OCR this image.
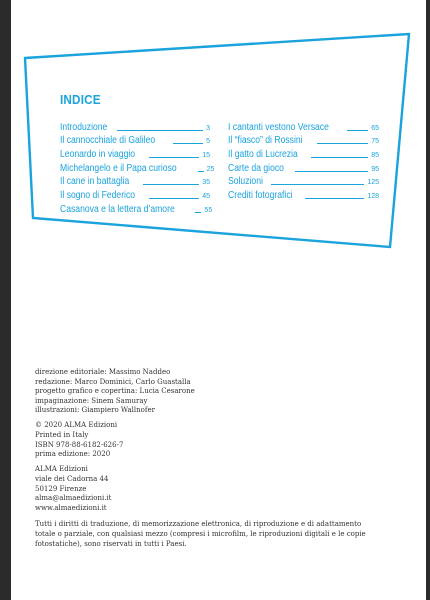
INDICE
Introduzione	3
Il cannocchiale di Galileo	5
Leonardo in viaggio	15
Michelangelo e il Papa curioso	25
Il cane in battaglia	35
Il sogno di Federico	45
Casanova e la lettera d’amore	55
I cantanti vestono Versace	65
Il “fiasco” di Rossini	75
Il gatto di Lucrezia	85
Carte da gioco	95
Soluzioni	125
Crediti fotografici	128
direzione editoriale: Massimo Naddeo
redazione: Marco Dominici, Carlo Guastalla
progetto grafico e copertina: Lucia Cesarone
impaginazione: Sinem Samuray
illustrazioni: Giampiero Wallnofer
© 2020 ALMA Edizioni
Printed in Italy
ISBN 978-88-6182-626-7
prima edizione: 2020
ALMA Edizioni
viale dei Cadorna 44
50129 Firenze
alma@almaedizioni.it
www.almaedizioni.it
Tutti i diritti di traduzione, di memorizzazione elettronica, di riproduzione e di adattamento
totale o parziale, con qualsiasi mezzo (compresi i microfilm, le riproduzioni digitali e le copie
fotostatiche), sono riservati in tutti i Paesi.
